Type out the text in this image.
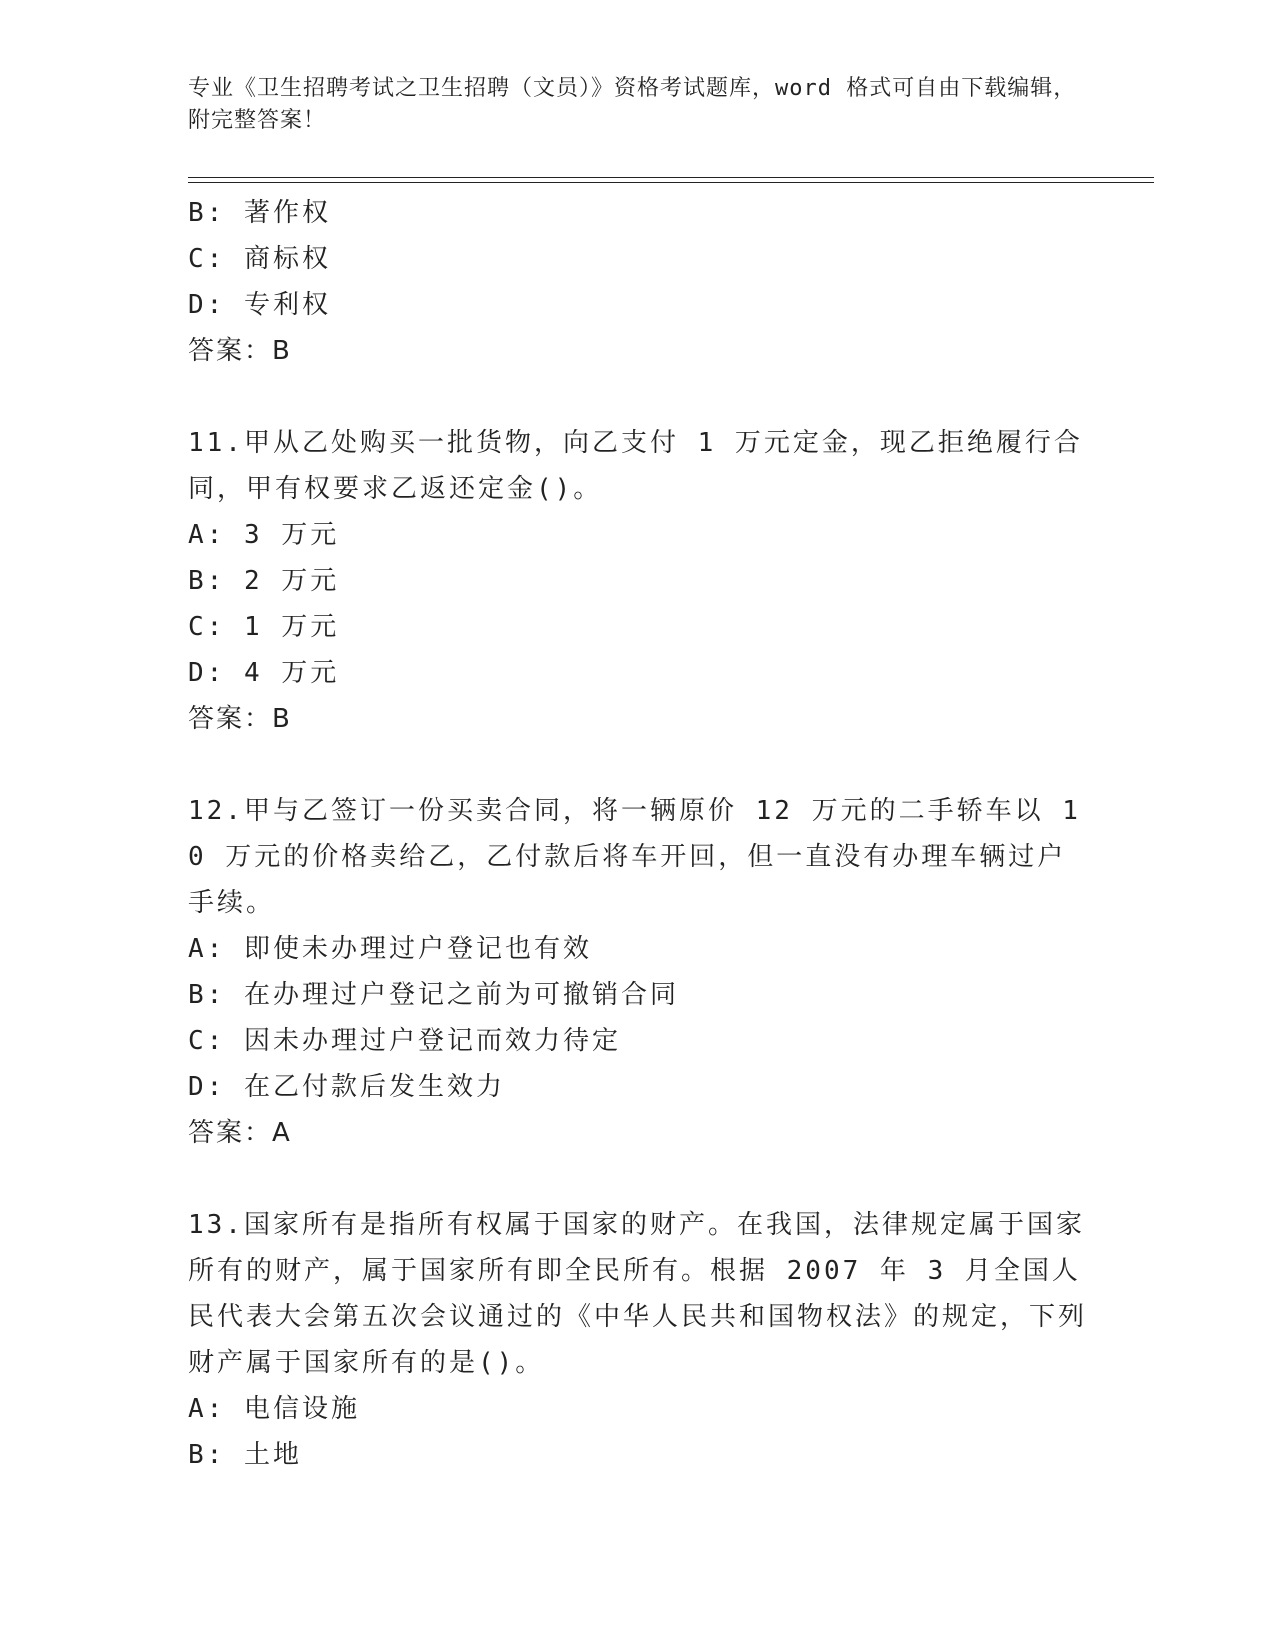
专业《卫生招聘考试之卫生招聘（文员）》资格考试题库，word 格式可自由下载编辑，附完整答案！
B: 著作权
C: 商标权
D: 专利权
答案：B
11.甲从乙处购买一批货物，向乙支付 1 万元定金，现乙拒绝履行合同，甲有权要求乙返还定金()。
A: 3 万元
B: 2 万元
C: 1 万元
D: 4 万元
答案：B
12.甲与乙签订一份买卖合同，将一辆原价 12 万元的二手轿车以 10 万元的价格卖给乙，乙付款后将车开回，但一直没有办理车辆过户手续。
A: 即使未办理过户登记也有效
B: 在办理过户登记之前为可撤销合同
C: 因未办理过户登记而效力待定
D: 在乙付款后发生效力
答案：A
13.国家所有是指所有权属于国家的财产。在我国，法律规定属于国家所有的财产，属于国家所有即全民所有。根据 2007 年 3 月全国人民代表大会第五次会议通过的《中华人民共和国物权法》的规定，下列财产属于国家所有的是()。
A: 电信设施
B: 土地
